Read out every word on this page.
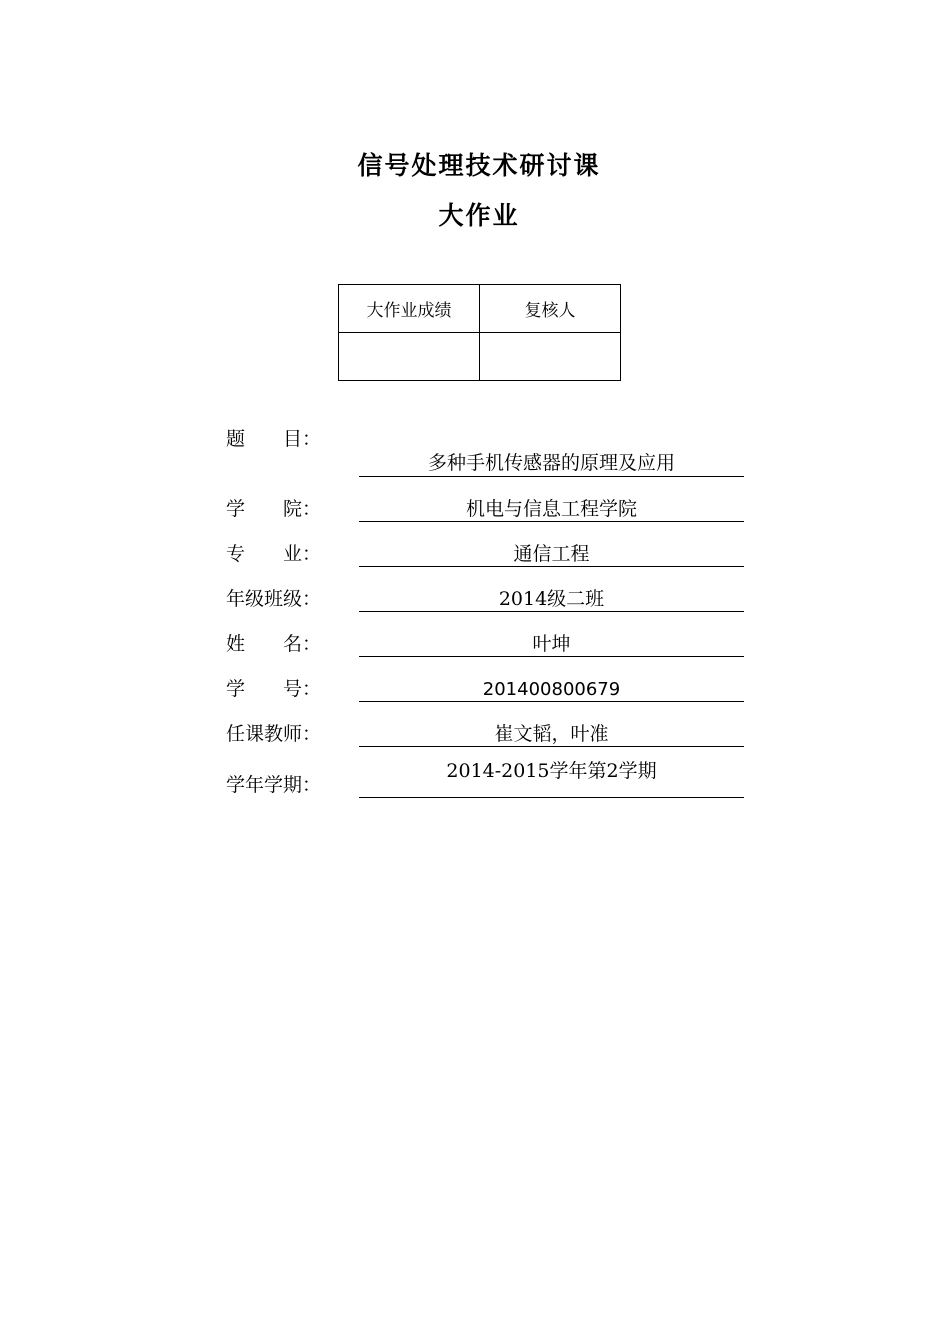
信号处理技术研讨课
大作业
大作业成绩	复核人

题　　目：
多种手机传感器的原理及应用
学　　院：	机电与信息工程学院
专　　业：	通信工程
年级班级：	2014级二班
姓　　名：	叶坤
学　　号：	201400800679
任课教师：	崔文韬，叶准
学年学期：
2014-2015学年第2学期
